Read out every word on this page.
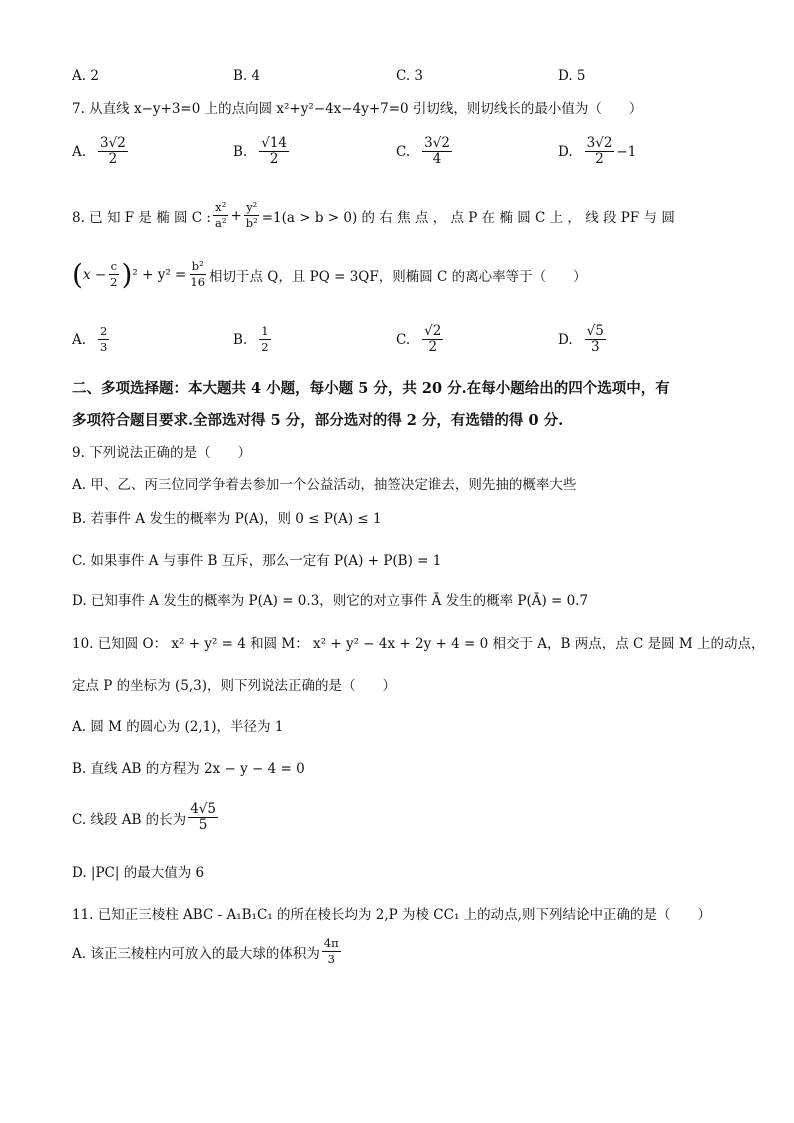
A. 2	B. 4	C. 3	D. 5
7. 从直线 x−y+3=0 上的点向圆 x²+y²−4x−4y+7=0 引切线，则切线长的最小值为（　　）
A. $\frac{3√2}{2}$	B. $\frac{√14}{2}$	C. $\frac{3√2}{4}$	D. $\frac{3√2}{2} -1$
8. 已 知 F 是 椭 圆 C : $\frac{\text{x²}}{\text{a²}} + \frac{\text{y²}}{\text{b²}} =1(a > b > 0)$ 的 右 焦 点 ， 点 P 在 椭 圆 C 上 ， 线 段 PF 与 圆
( $x - \frac{c}{2}$ ) $^2 + y^2 = \frac{\text{b²}}{16}$ 相切于点 Q，且 PQ = 3QF，则椭圆 C 的离心率等于（　　）
A. $\frac{2}{3}$	B. $\frac{1}{2}$	C. $\frac{√2}{2}$	D. $\frac{√5}{3}$
二、多项选择题：本大题共 4 小题，每小题 5 分，共 20 分.在每小题给出的四个选项中，有
多项符合题目要求.全部选对得 5 分，部分选对的得 2 分，有选错的得 0 分.
9. 下列说法正确的是（　　）
A. 甲、乙、丙三位同学争着去参加一个公益活动，抽签决定谁去，则先抽的概率大些
B. 若事件 A 发生的概率为 P(A)，则 0 ≤ P(A) ≤ 1
C. 如果事件 A 与事件 B 互斥，那么一定有 P(A) + P(B) = 1
D. 已知事件 A 发生的概率为 P(A) = 0.3，则它的对立事件 Ā 发生的概率 P(Ā) = 0.7
10. 已知圆 O： x² + y² = 4 和圆 M： x² + y² − 4x + 2y + 4 = 0 相交于 A，B 两点，点 C 是圆 M 上的动点，
定点 P 的坐标为 (5,3)，则下列说法正确的是（　　）
A. 圆 M 的圆心为 (2,1)，半径为 1
B. 直线 AB 的方程为 2x − y − 4 = 0
C. 线段 AB 的长为 $\frac{4√5}{5}$
D. |PC| 的最大值为 6
11. 已知正三棱柱 ABC - A₁B₁C₁ 的所在棱长均为 2,P 为棱 CC₁ 上的动点,则下列结论中正确的是（　　）
A. 该正三棱柱内可放入的最大球的体积为 $\frac{4\pi}{3}$
